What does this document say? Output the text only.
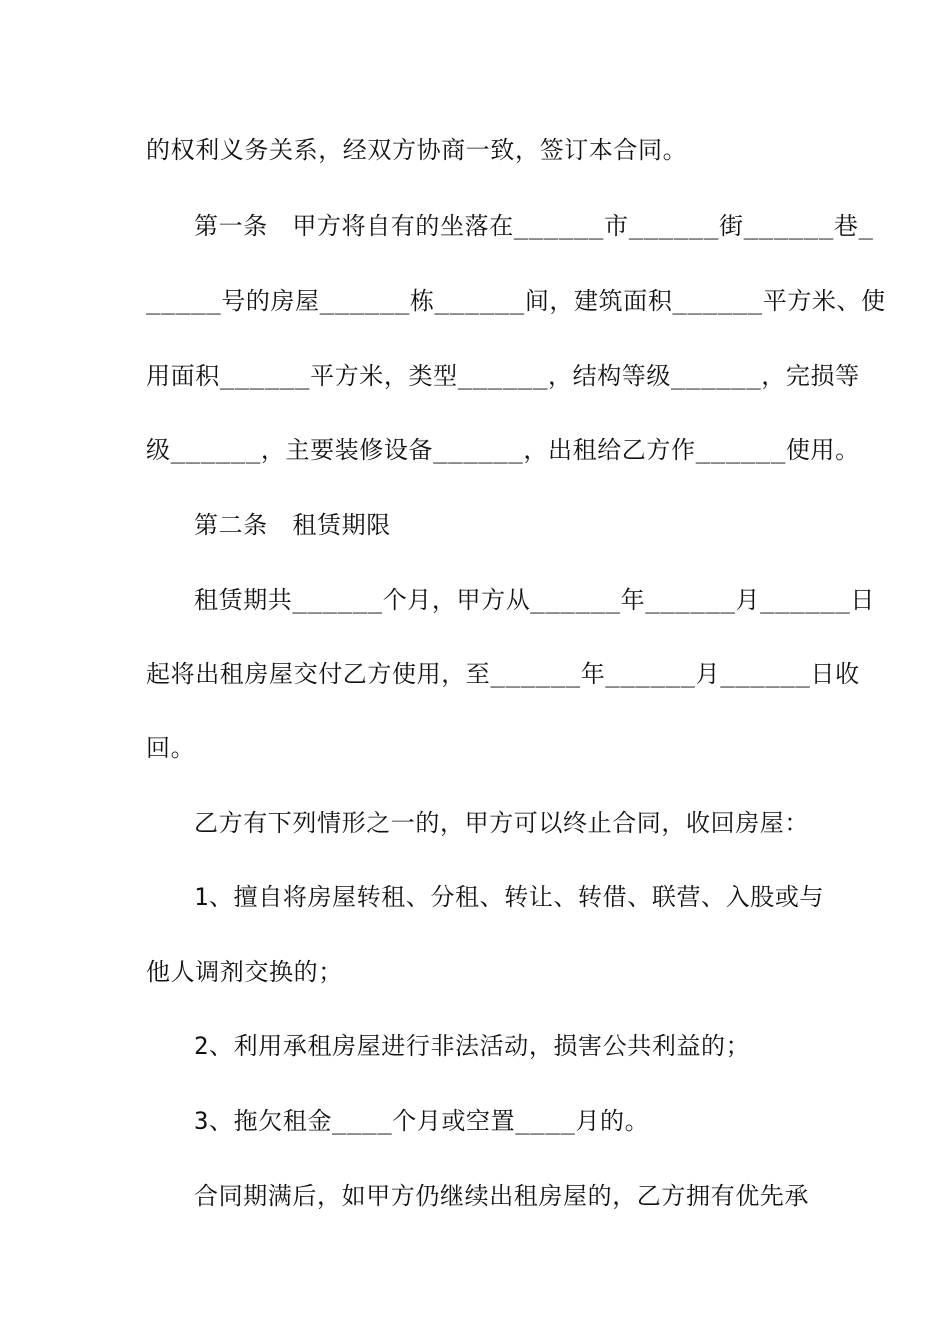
的权利义务关系，经双方协商一致，签订本合同。
第一条　甲方将自有的坐落在______市______街______巷_
_____号的房屋______栋______间，建筑面积______平方米、使
用面积______平方米，类型______，结构等级______，完损等
级______，主要装修设备______，出租给乙方作______使用。
第二条　租赁期限
租赁期共______个月，甲方从______年______月______日
起将出租房屋交付乙方使用，至______年______月______日收
回。
乙方有下列情形之一的，甲方可以终止合同，收回房屋：
1、擅自将房屋转租、分租、转让、转借、联营、入股或与
他人调剂交换的；
2、利用承租房屋进行非法活动，损害公共利益的；
3、拖欠租金____个月或空置____月的。
合同期满后，如甲方仍继续出租房屋的，乙方拥有优先承
